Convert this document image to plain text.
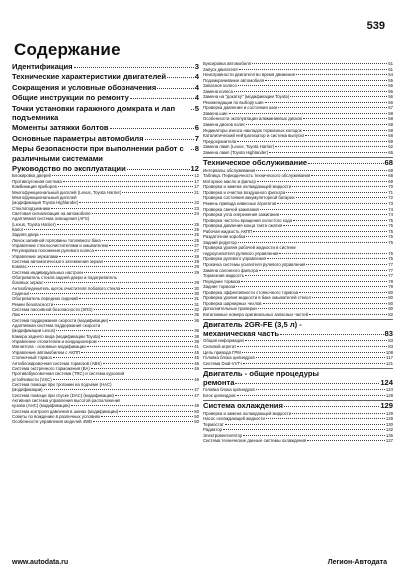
539
Содержание
Идентификация	3
Технические характеристики двигателей	4
Сокращения и условные обозначения	4
Общие инструкции по ремонту	4
Точки установки гаражного домкрата и лап подъемника
5
Моменты затяжки болтов	6
Основные параметры автомобиля	7
Меры безопасности при выполнении работ с различными системами
8
Руководство по эксплуатации	12
Блокировка дверей	12
Противоугонная система	17
Комбинация приборов	17
Многофункциональный дисплей (Lexus, Toyota Harrier)	21
Многофункциональный дисплей
(модификация Toyota Highlander)	22
Стеклоподъемники	23
Световая сигнализация на автомобиле	24
Адаптивная система освещения (AFS)
(Lexus, Toyota Harrier)	25
Капот	25
Задняя дверь	25
Лючок заливной горловины топливного бака	25
Управление стеклоочистителями и омывателем	27
Регулировка положения рулевого колеса	27
Управление зеркалами	28
Система автоматического затемнения зеркал	28
Компас	29
Система индивидуальных настроек	29
Обогреватель стекла задней двери и подогреватель
боковых зеркал	29
Антиобледенитель щеток очистителя лобового стекла	30
Сиденья	30
Обогреватель передних сидений	31
Ремни безопасности	31
Система пассивной безопасности (SRS)	32
Люк	35
Система поддержания скорости (модификации)	36
Адаптивная система поддержания скорости
(модификации Lexus)	36
Камера заднего вида (модификации Toyota)	38
Управление отопителем и кондиционером	38
Магнитола - основные модификации	41
Управление автомобилем с АКПП	45
Стояночный тормоз	45
Антиблокировочная система тормозов (ABS)	46
Система экстренного торможения (BA)	46
Противобуксовочная система (TRC) и система курсовой
устойчивости (VSC)	46
Система помощи при трогании на подъеме (HAC)
(модификации)	47
Система помощи при спуске (DAC) (модификации)	47
Активная система управления высотой расположения
кузова (AHC) (модификации)	48
Система контроля давления в шинах (модификации)	50
Советы по вождению в различных условиях	50
Особенности управления моделей 4WD	50
Буксировка автомобиля	51
Запуск двигателя	51
Неисправности двигателя во время движения	54
Подомкрачивание автомобиля	55
Запасное колесо	55
Замена колеса	56
Замена на "докатку" (модификации Toyota)	56
Рекомендации по выбору шин	56
Проверка давления и состояния шин	57
Замена шин	58
Особенности эксплуатации алюминиевых дисков	58
Замена дисков колес	58
Индикаторы износа накладок тормозных колодок	58
Каталитический нейтрализатор и система выпуска	58
Предохранители	59
Замена ламп (Lexus, Toyota Harrier)	62
Замена ламп (Toyota Highlander)	65
Техническое обслуживание	68
Интервалы обслуживания	68
Таблица. Периодичность технического обслуживания	68
Моторное масло и фильтр	69
Проверка и замена охлаждающей жидкости	70
Проверка и очистка воздушного фильтра	71
Проверка состояния аккумуляторной батареи	72
Ремень привода навесных агрегатов	73
Проверка свечей зажигания	74
Проверка угла опережения зажигания	74
Проверка частоты вращения холостого хода	75
Проверка давления конца такта сжатия	75
Рабочая жидкость АКПП	75
Раздаточная коробка	76
Задний редуктор	76
Проверка уровня рабочей жидкости в системе
гидроусилителя рулевого управления	76
Проверка рулевого управления	76
Прокачка системы усилителя рулевого управления	77
Замена салонного фильтра	77
Тормозная жидкость	77
Передние тормоза	78
Задние тормоза	79
Проверка эффективности стояночного тормоза	80
Проверка уровня жидкости в баке омывателей стекол	80
Проверка шарнирных чехлов	80
Дополнительные проверки	80
Каталожные номера оригинальных запасных частей	82
Двигатель 2GR-FE (3,5 л) -
механическая часть	83
Общая информация	83
Силовой агрегат	83
Цепь привода ГРМ	108
Головка блока цилиндров	117
Система Dual-VVT-i	121
Двигатель - общие процедуры
ремонта	124
Головка блока цилиндров	124
Блок цилиндров	128
Система охлаждения	129
Проверка и замена охлаждающей жидкости	129
Насос охлаждающей жидкости	129
Термостат	130
Радиатор	132
Электровентилятор	136
Система технические данные системы охлаждения	137
www.autodata.ru	Легион-Автодата
